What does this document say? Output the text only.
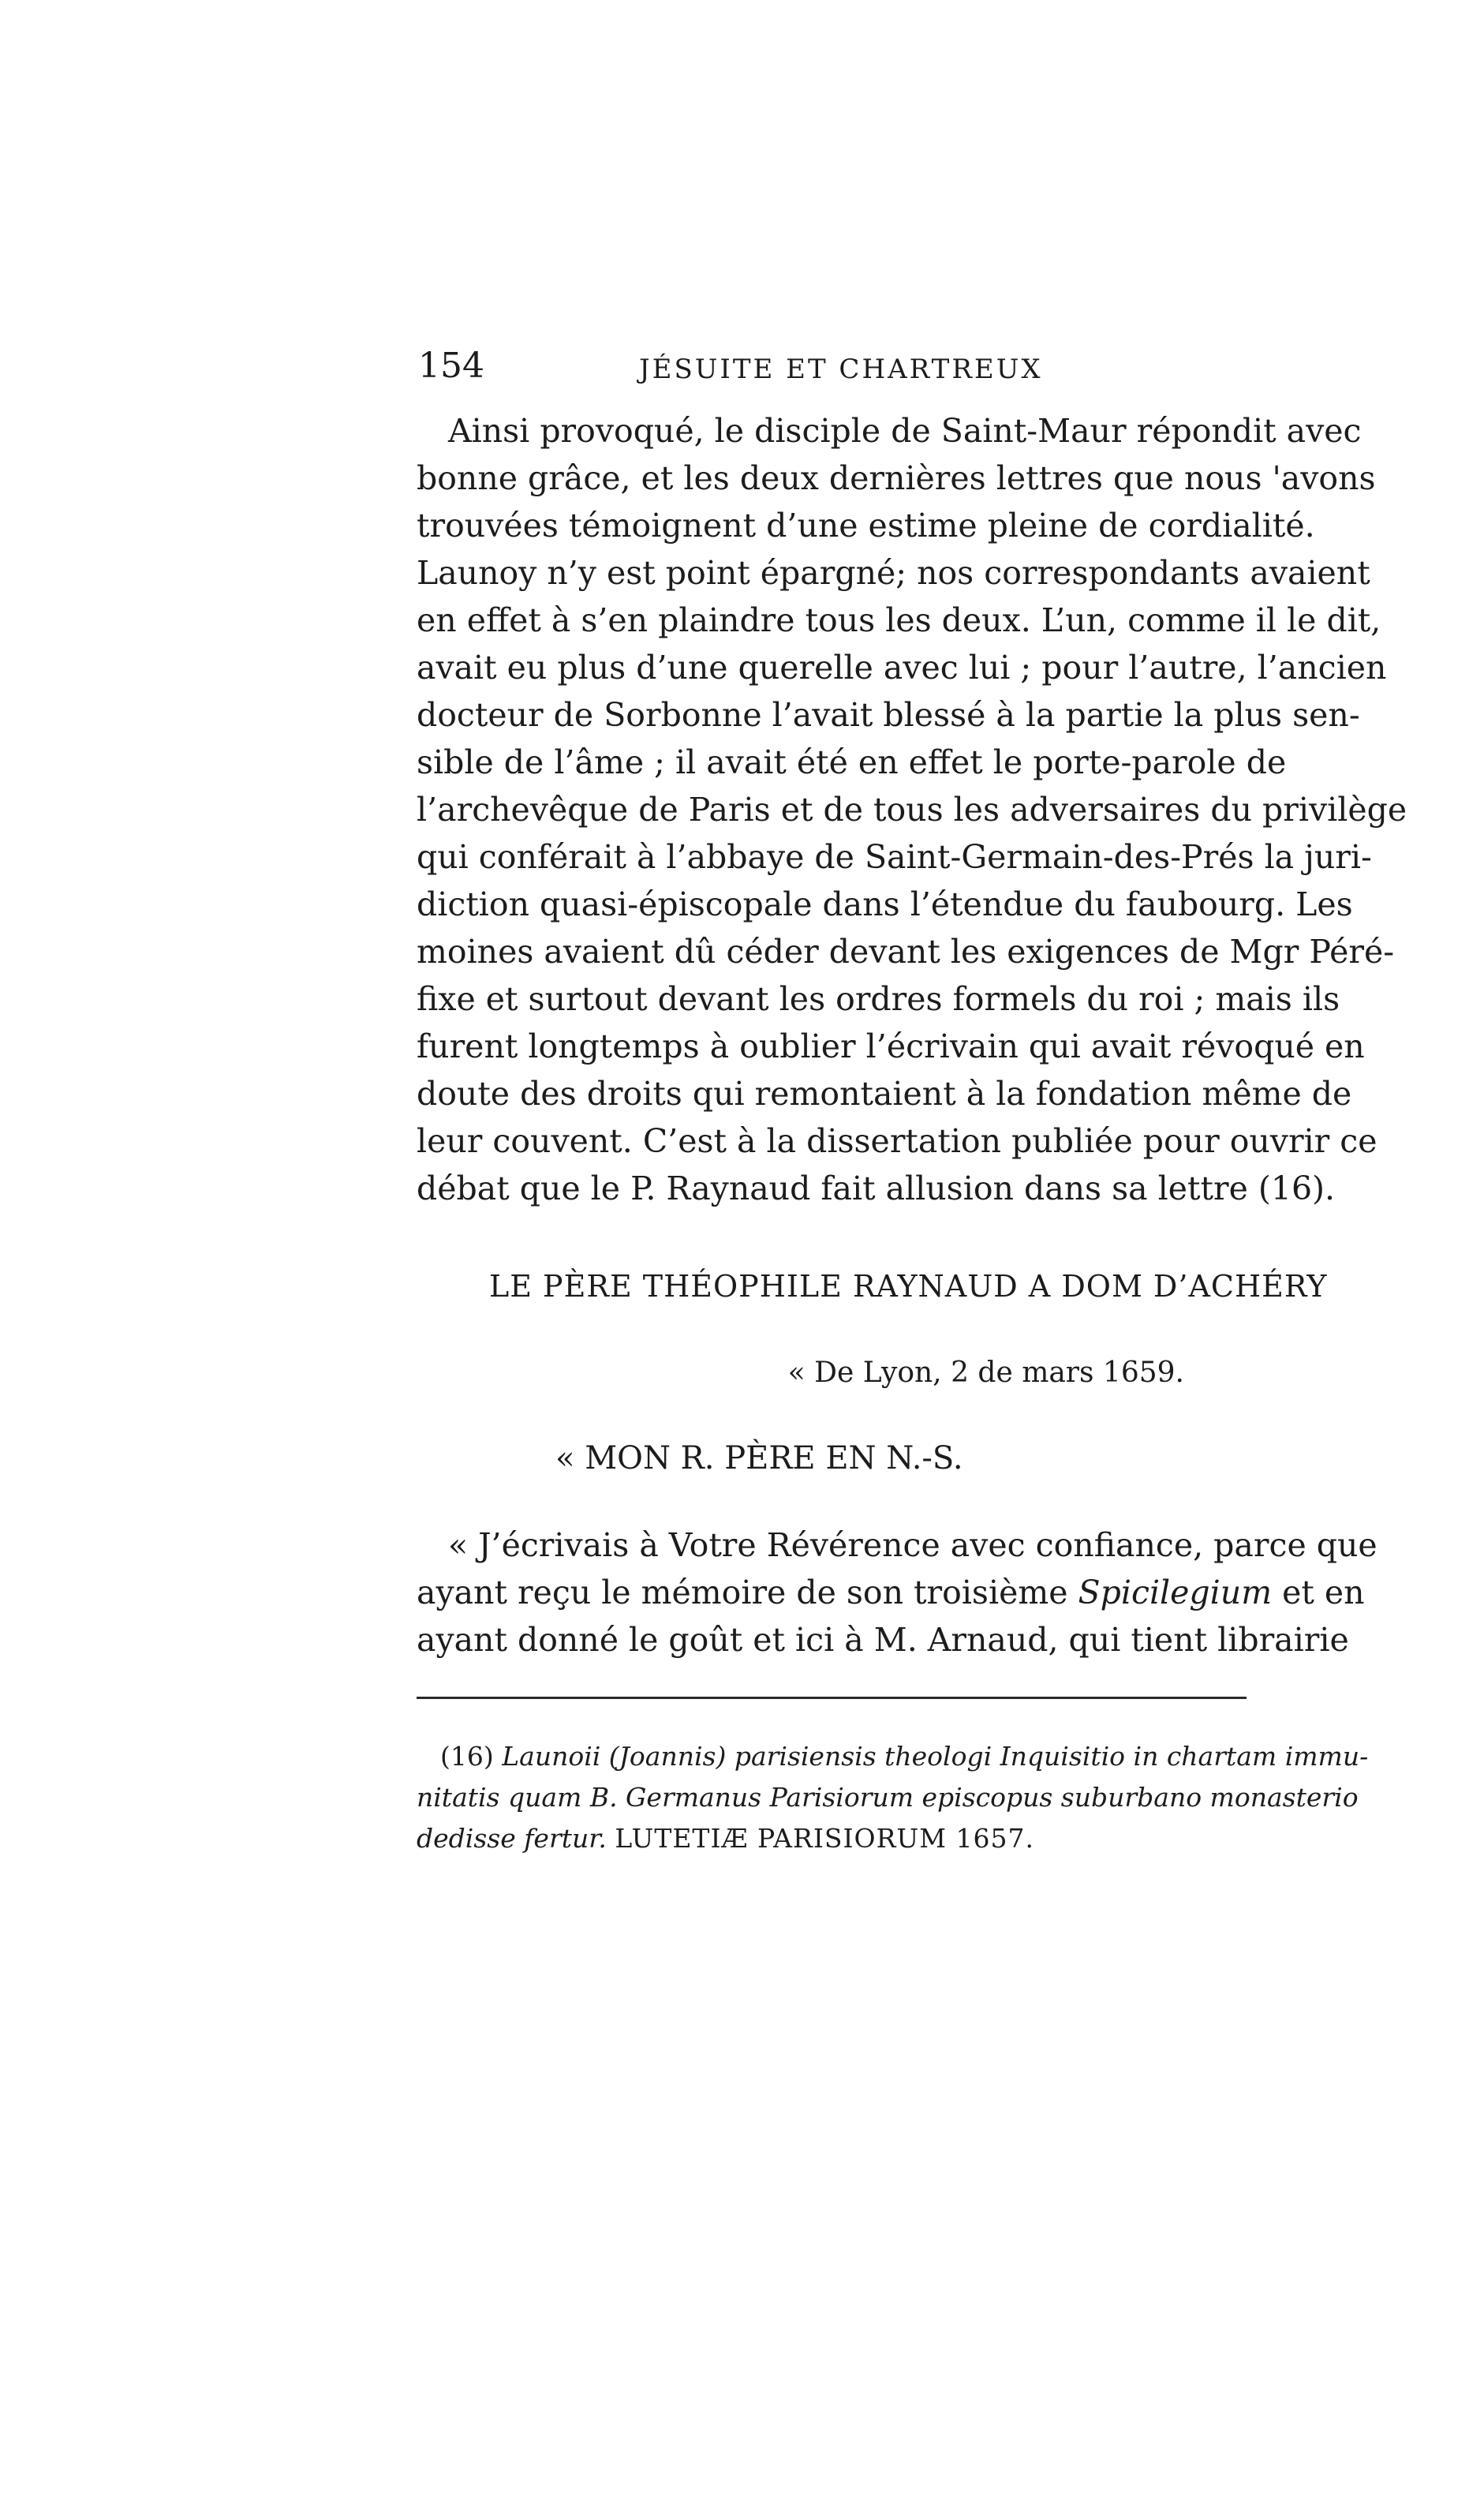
154	JÉSUITE ET CHARTREUX
Ainsi provoqué, le disciple de Saint-Maur répondit avec
bonne grâce, et les deux dernières lettres que nous 'avons
trouvées témoignent d’une estime pleine de cordialité.
Launoy n’y est point épargné; nos correspondants avaient
en effet à s’en plaindre tous les deux. L’un, comme il le dit,
avait eu plus d’une querelle avec lui ; pour l’autre, l’ancien
docteur de Sorbonne l’avait blessé à la partie la plus sen-
sible de l’âme ; il avait été en effet le porte-parole de
l’archevêque de Paris et de tous les adversaires du privilège
qui conférait à l’abbaye de Saint-Germain-des-Prés la juri-
diction quasi-épiscopale dans l’étendue du faubourg. Les
moines avaient dû céder devant les exigences de Mgr Péré-
fixe et surtout devant les ordres formels du roi ; mais ils
furent longtemps à oublier l’écrivain qui avait révoqué en
doute des droits qui remontaient à la fondation même de
leur couvent. C’est à la dissertation publiée pour ouvrir ce
débat que le P. Raynaud fait allusion dans sa lettre (16).
LE PÈRE THÉOPHILE RAYNAUD A DOM D’ACHÉRY
« De Lyon, 2 de mars 1659.
« MON R. PÈRE EN N.-S.
« J’écrivais à Votre Révérence avec confiance, parce que
ayant reçu le mémoire de son troisième Spicilegium et en
ayant donné le goût et ici à M. Arnaud, qui tient librairie
(16) Launoii (Joannis) parisiensis theologi Inquisitio in chartam immu-
nitatis quam B. Germanus Parisiorum episcopus suburbano monasterio
dedisse fertur. LUTETIÆ PARISIORUM 1657.
